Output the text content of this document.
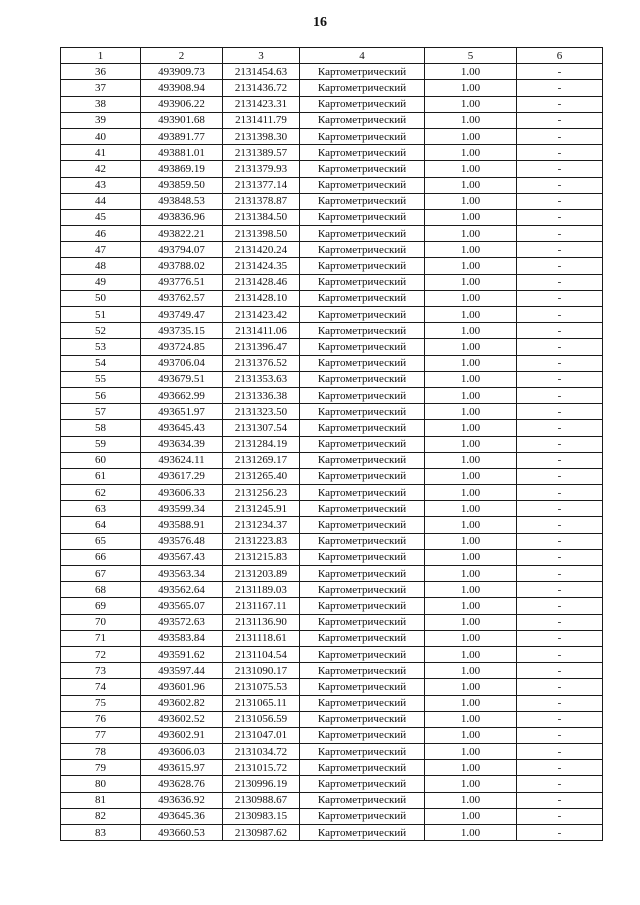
16
1	2	3	4	5	6
36	493909.73	2131454.63	Картометрический	1.00	-
37	493908.94	2131436.72	Картометрический	1.00	-
38	493906.22	2131423.31	Картометрический	1.00	-
39	493901.68	2131411.79	Картометрический	1.00	-
40	493891.77	2131398.30	Картометрический	1.00	-
41	493881.01	2131389.57	Картометрический	1.00	-
42	493869.19	2131379.93	Картометрический	1.00	-
43	493859.50	2131377.14	Картометрический	1.00	-
44	493848.53	2131378.87	Картометрический	1.00	-
45	493836.96	2131384.50	Картометрический	1.00	-
46	493822.21	2131398.50	Картометрический	1.00	-
47	493794.07	2131420.24	Картометрический	1.00	-
48	493788.02	2131424.35	Картометрический	1.00	-
49	493776.51	2131428.46	Картометрический	1.00	-
50	493762.57	2131428.10	Картометрический	1.00	-
51	493749.47	2131423.42	Картометрический	1.00	-
52	493735.15	2131411.06	Картометрический	1.00	-
53	493724.85	2131396.47	Картометрический	1.00	-
54	493706.04	2131376.52	Картометрический	1.00	-
55	493679.51	2131353.63	Картометрический	1.00	-
56	493662.99	2131336.38	Картометрический	1.00	-
57	493651.97	2131323.50	Картометрический	1.00	-
58	493645.43	2131307.54	Картометрический	1.00	-
59	493634.39	2131284.19	Картометрический	1.00	-
60	493624.11	2131269.17	Картометрический	1.00	-
61	493617.29	2131265.40	Картометрический	1.00	-
62	493606.33	2131256.23	Картометрический	1.00	-
63	493599.34	2131245.91	Картометрический	1.00	-
64	493588.91	2131234.37	Картометрический	1.00	-
65	493576.48	2131223.83	Картометрический	1.00	-
66	493567.43	2131215.83	Картометрический	1.00	-
67	493563.34	2131203.89	Картометрический	1.00	-
68	493562.64	2131189.03	Картометрический	1.00	-
69	493565.07	2131167.11	Картометрический	1.00	-
70	493572.63	2131136.90	Картометрический	1.00	-
71	493583.84	2131118.61	Картометрический	1.00	-
72	493591.62	2131104.54	Картометрический	1.00	-
73	493597.44	2131090.17	Картометрический	1.00	-
74	493601.96	2131075.53	Картометрический	1.00	-
75	493602.82	2131065.11	Картометрический	1.00	-
76	493602.52	2131056.59	Картометрический	1.00	-
77	493602.91	2131047.01	Картометрический	1.00	-
78	493606.03	2131034.72	Картометрический	1.00	-
79	493615.97	2131015.72	Картометрический	1.00	-
80	493628.76	2130996.19	Картометрический	1.00	-
81	493636.92	2130988.67	Картометрический	1.00	-
82	493645.36	2130983.15	Картометрический	1.00	-
83	493660.53	2130987.62	Картометрический	1.00	-
